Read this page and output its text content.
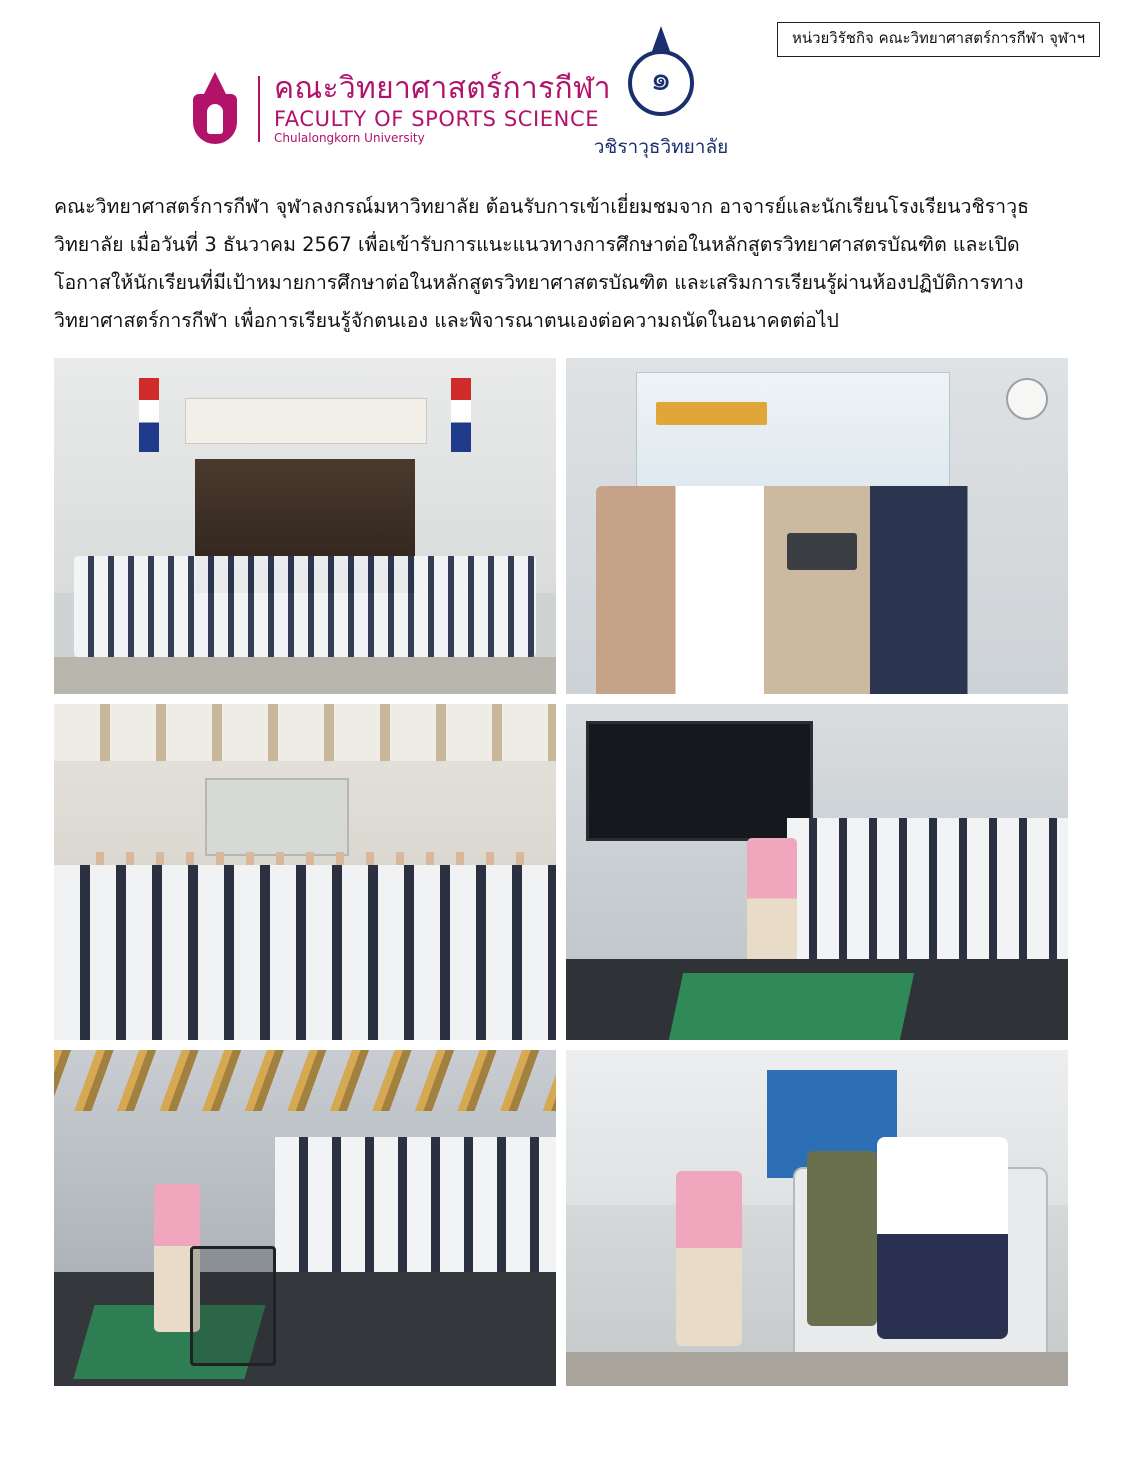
หน่วยวิรัชกิจ คณะวิทยาศาสตร์การกีฬา จุฬาฯ
คณะวิทยาศาสตร์การกีฬา
FACULTY OF SPORTS SCIENCE
Chulalongkorn University
๑
วชิราวุธวิทยาลัย
คณะวิทยาศาสตร์การกีฬา จุฬาลงกรณ์มหาวิทยาลัย ต้อนรับการเข้าเยี่ยมชมจาก อาจารย์และนักเรียนโรงเรียนวชิราวุธวิทยาลัย เมื่อวันที่ 3 ธันวาคม 2567 เพื่อเข้ารับการแนะแนวทางการศึกษาต่อในหลักสูตรวิทยาศาสตรบัณฑิต และเปิดโอกาสให้นักเรียนที่มีเป้าหมายการศึกษาต่อในหลักสูตรวิทยาศาสตรบัณฑิต และเสริมการเรียนรู้ผ่านห้องปฏิบัติการทางวิทยาศาสตร์การกีฬา เพื่อการเรียนรู้จักตนเอง และพิจารณาตนเองต่อความถนัดในอนาคตต่อไป
